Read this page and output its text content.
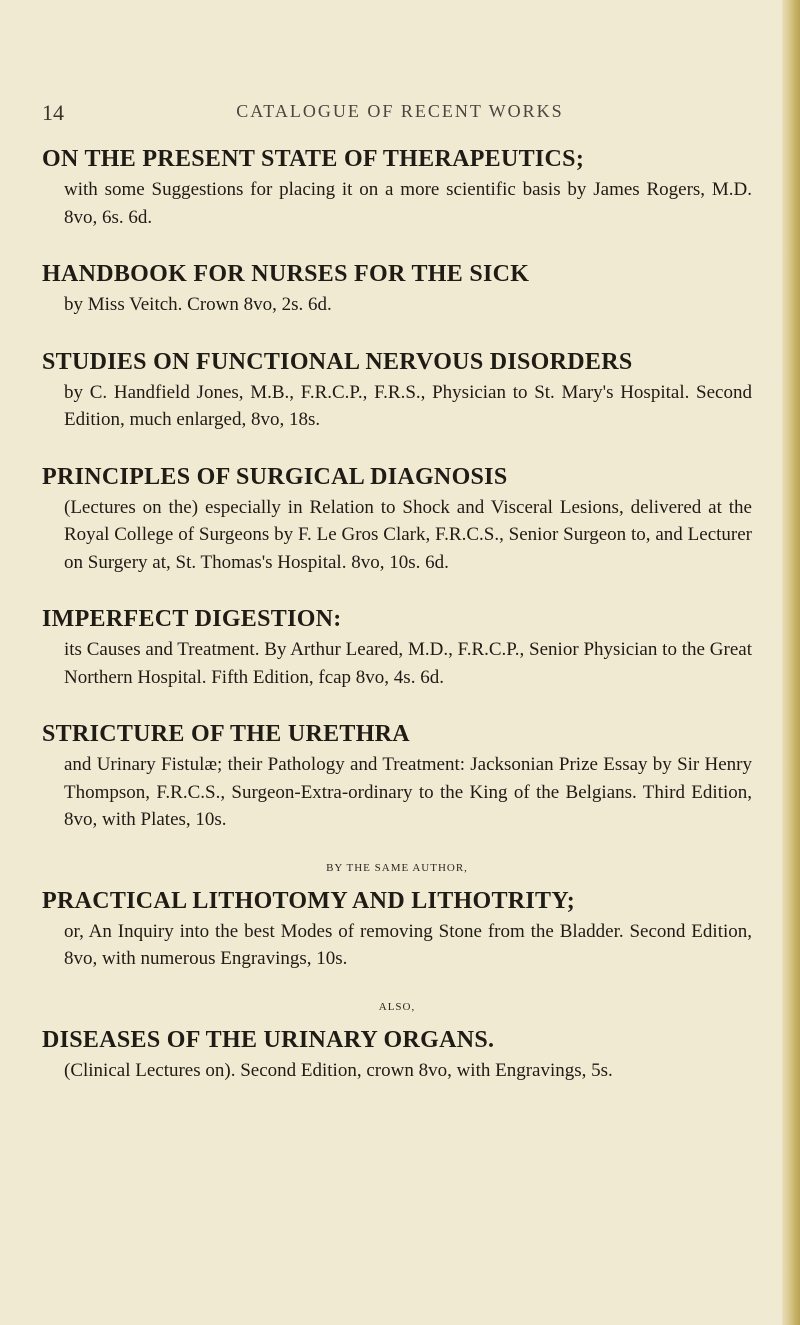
14	CATALOGUE OF RECENT WORKS
ON THE PRESENT STATE OF THERAPEUTICS;
with some Suggestions for placing it on a more scientific basis by James Rogers, M.D. 8vo, 6s. 6d.
HANDBOOK FOR NURSES FOR THE SICK
by Miss Veitch. Crown 8vo, 2s. 6d.
STUDIES ON FUNCTIONAL NERVOUS DISORDERS
by C. Handfield Jones, M.B., F.R.C.P., F.R.S., Physician to St. Mary's Hospital. Second Edition, much enlarged, 8vo, 18s.
PRINCIPLES OF SURGICAL DIAGNOSIS
(Lectures on the) especially in Relation to Shock and Visceral Lesions, delivered at the Royal College of Surgeons by F. Le Gros Clark, F.R.C.S., Senior Surgeon to, and Lecturer on Surgery at, St. Thomas's Hospital. 8vo, 10s. 6d.
IMPERFECT DIGESTION:
its Causes and Treatment. By Arthur Leared, M.D., F.R.C.P., Senior Physician to the Great Northern Hospital. Fifth Edition, fcap 8vo, 4s. 6d.
STRICTURE OF THE URETHRA
and Urinary Fistulæ; their Pathology and Treatment: Jacksonian Prize Essay by Sir Henry Thompson, F.R.C.S., Surgeon-Extra-ordinary to the King of the Belgians. Third Edition, 8vo, with Plates, 10s.
BY THE SAME AUTHOR,
PRACTICAL LITHOTOMY AND LITHOTRITY;
or, An Inquiry into the best Modes of removing Stone from the Bladder. Second Edition, 8vo, with numerous Engravings, 10s.
ALSO,
DISEASES OF THE URINARY ORGANS.
(Clinical Lectures on). Second Edition, crown 8vo, with Engravings, 5s.
